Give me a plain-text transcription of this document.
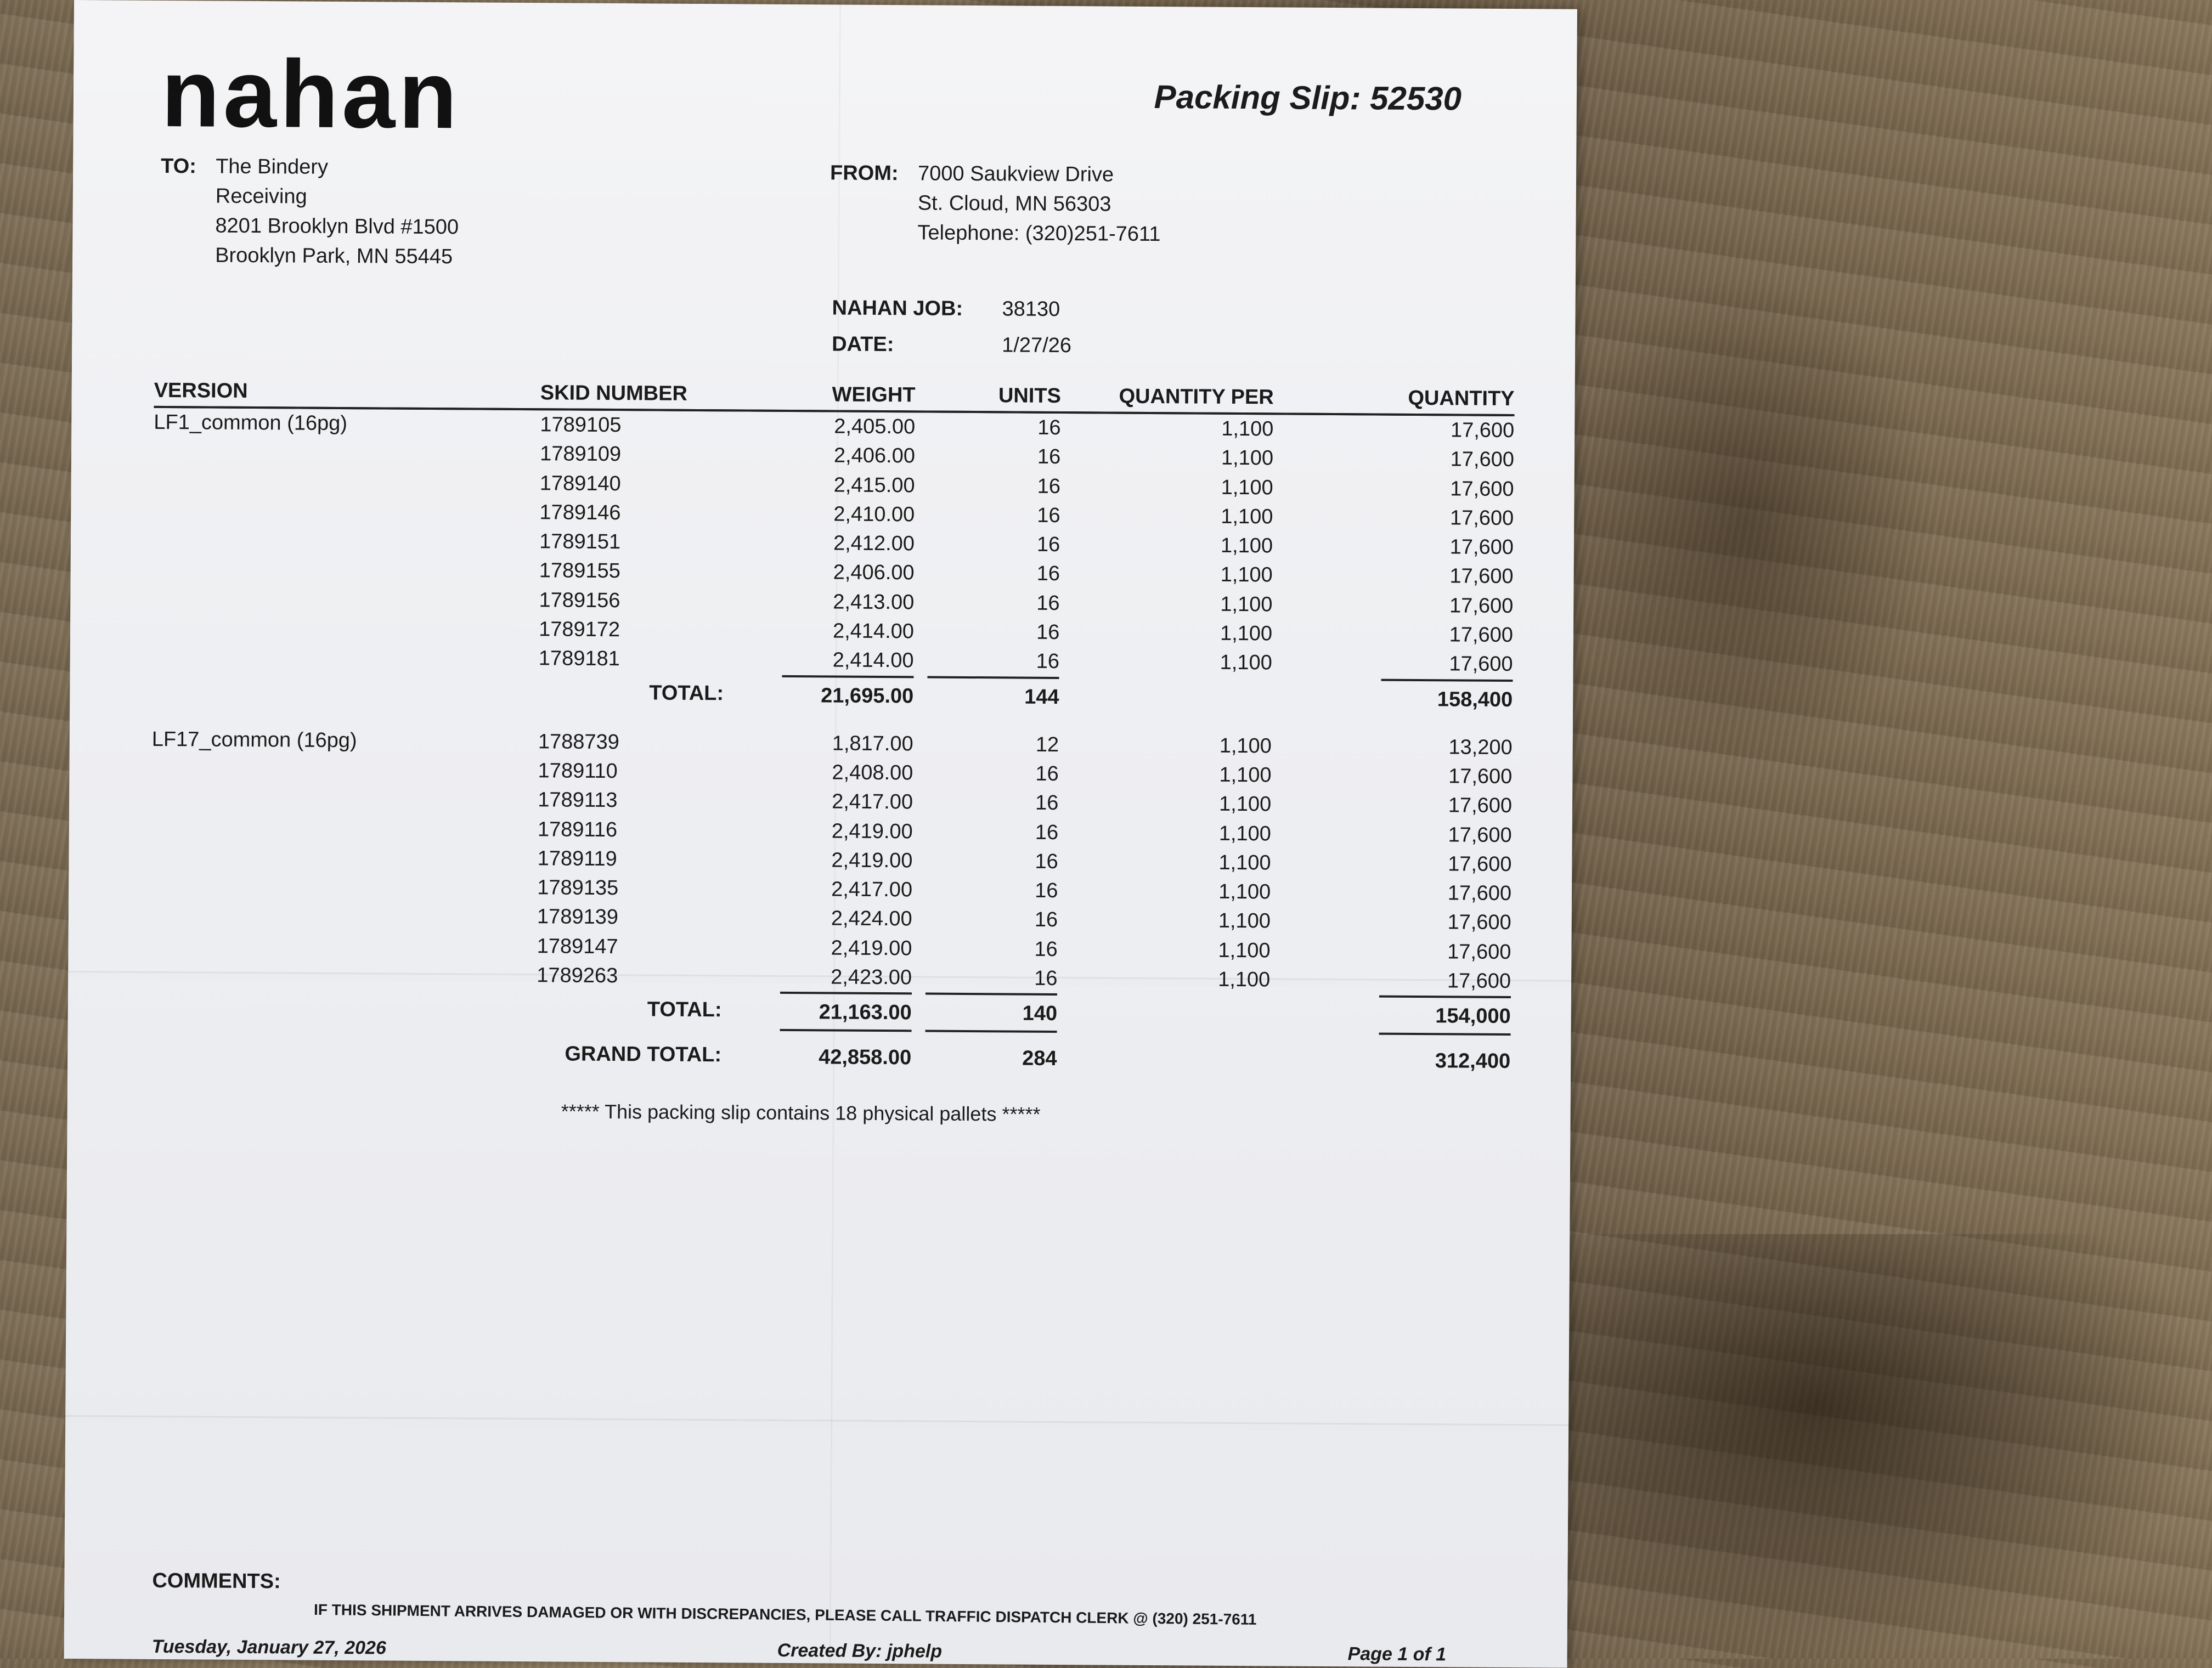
nahan	Packing Slip: 52530
TO: The Bindery
Receiving
8201 Brooklyn Blvd #1500
Brooklyn Park, MN 55445
FROM: 7000 Saukview Drive
St. Cloud, MN 56303
Telephone: (320)251-7611
NAHAN JOB: 38130
DATE:	1/27/26
VERSION	SKID NUMBER	WEIGHT	UNITS	QUANTITY PER	QUANTITY
LF1_common (16pg)	1789105	2,405.00	16	1,100	17,600
	1789109	2,406.00	16	1,100	17,600
	1789140	2,415.00	16	1,100	17,600
	1789146	2,410.00	16	1,100	17,600
	1789151	2,412.00	16	1,100	17,600
	1789155	2,406.00	16	1,100	17,600
	1789156	2,413.00	16	1,100	17,600
	1789172	2,414.00	16	1,100	17,600
	1789181	2,414.00	16	1,100	17,600
	TOTAL:	21,695.00	144		158,400

LF17_common (16pg)	1788739	1,817.00	12	1,100	13,200
	1789110	2,408.00	16	1,100	17,600
	1789113	2,417.00	16	1,100	17,600
	1789116	2,419.00	16	1,100	17,600
	1789119	2,419.00	16	1,100	17,600
	1789135	2,417.00	16	1,100	17,600
	1789139	2,424.00	16	1,100	17,600
	1789147	2,419.00	16	1,100	17,600
	1789263	2,423.00	16	1,100	17,600
	TOTAL:	21,163.00	140		154,000
	GRAND TOTAL:	42,858.00	284		312,400
***** This packing slip contains 18 physical pallets *****
COMMENTS:
IF THIS SHIPMENT ARRIVES DAMAGED OR WITH DISCREPANCIES, PLEASE CALL TRAFFIC DISPATCH CLERK @ (320) 251-7611
Tuesday, January 27, 2026	Created By: jphelp	Page 1 of 1
